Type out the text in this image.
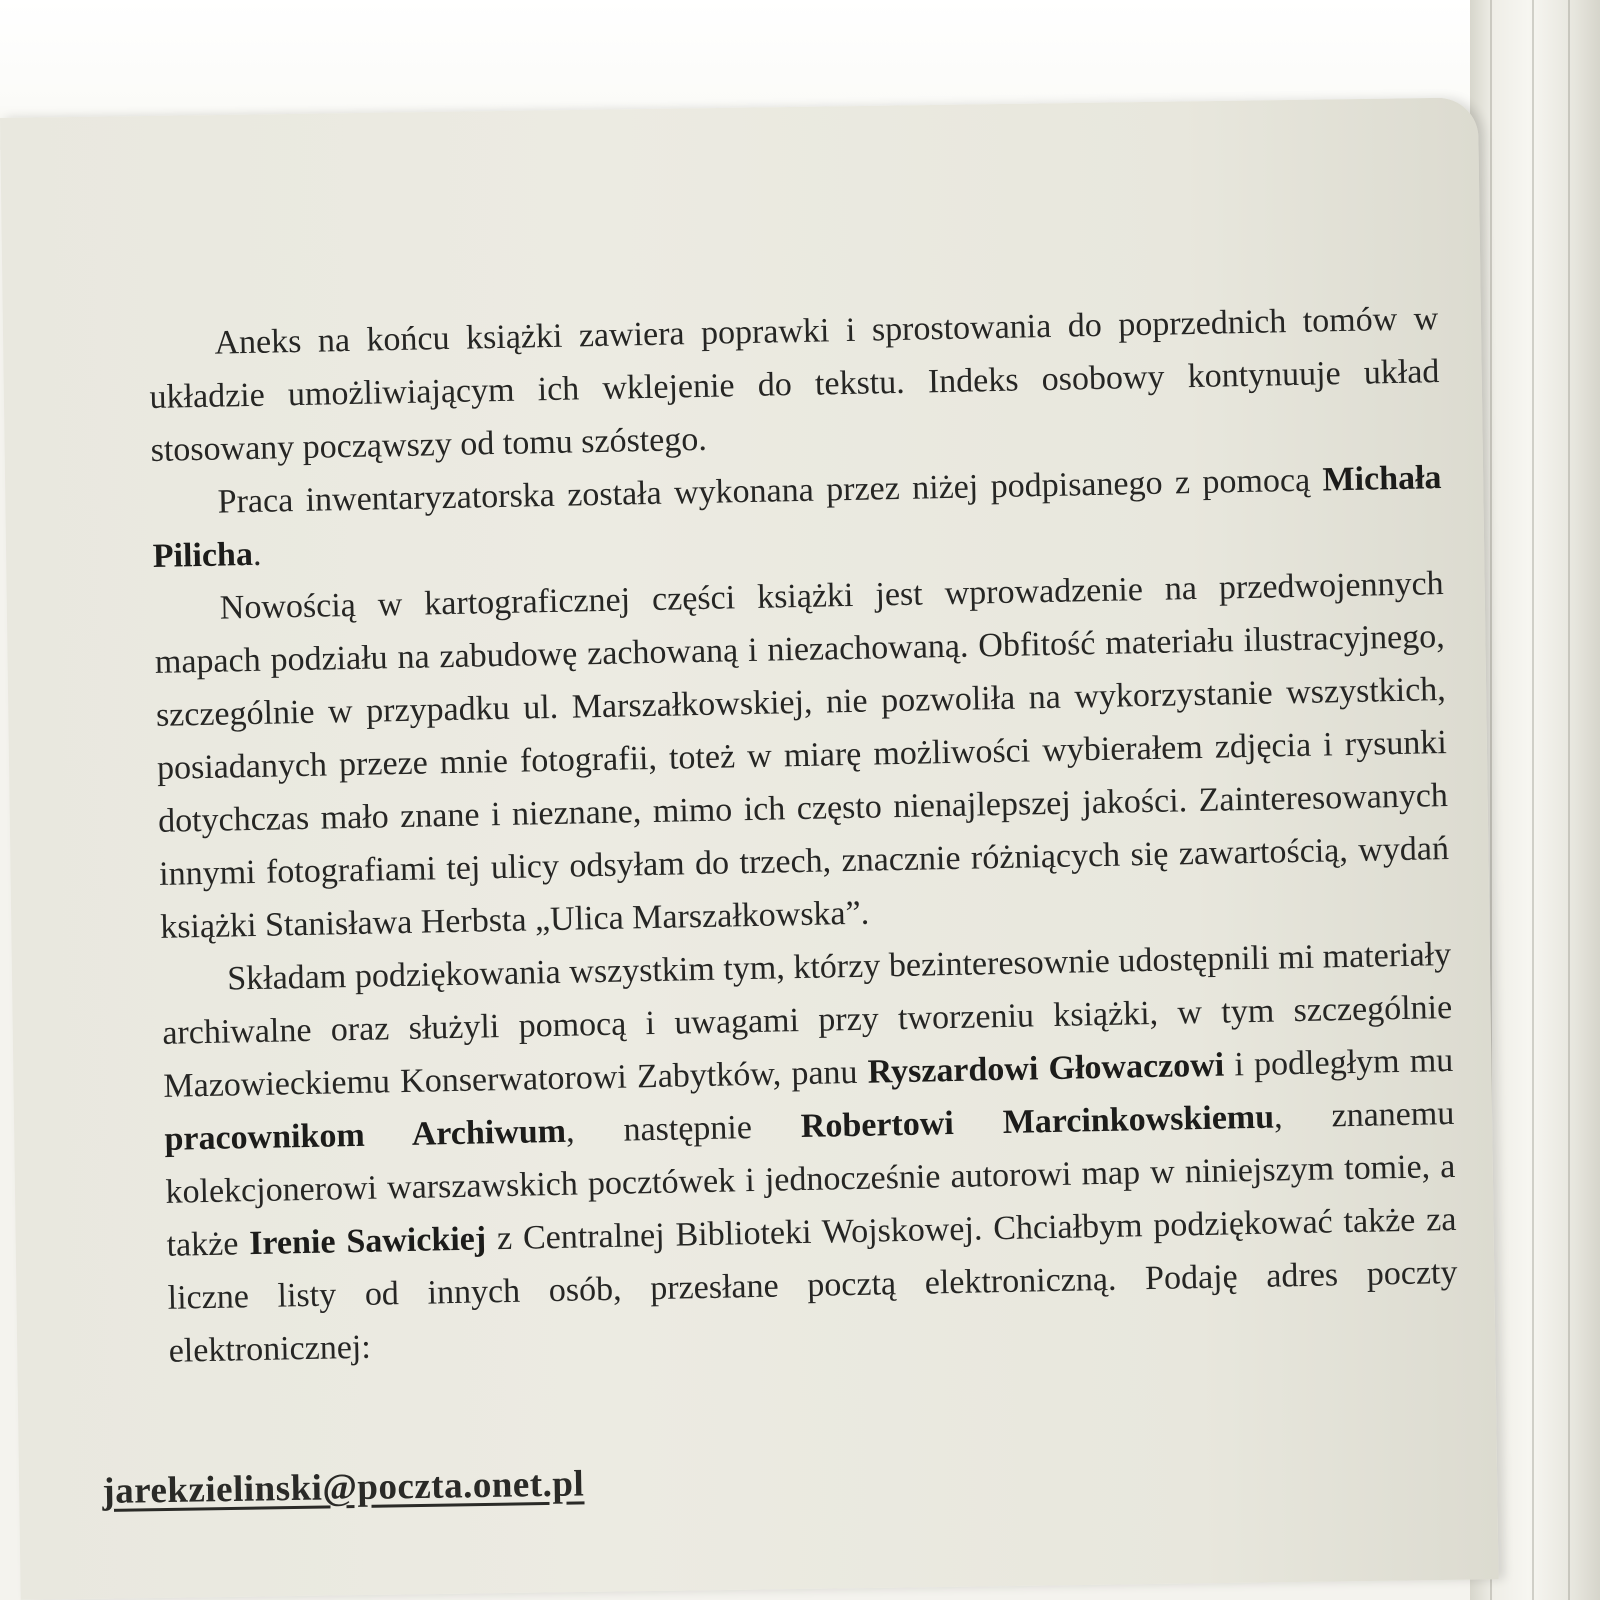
Aneks na końcu książki zawiera poprawki i sprostowania do poprzednich tomów w układzie umożliwiającym ich wklejenie do tekstu. Indeks osobowy kontynuuje układ stosowany począwszy od tomu szóstego.

Praca inwentaryzatorska została wykonana przez niżej podpisanego z pomocą Michała Pilicha.

Nowością w kartograficznej części książki jest wprowadzenie na przedwojennych mapach podziału na zabudowę zachowaną i niezachowaną. Obfitość materiału ilustracyjnego, szczególnie w przypadku ul. Marszałkowskiej, nie pozwoliła na wykorzystanie wszystkich, posiadanych przeze mnie fotografii, toteż w miarę możliwości wybierałem zdjęcia i rysunki dotychczas mało znane i nieznane, mimo ich często nienajlepszej jakości. Zainteresowanych innymi fotografiami tej ulicy odsyłam do trzech, znacznie różniących się zawartością, wydań książki Stanisława Herbsta „Ulica Marszałkowska”.

Składam podziękowania wszystkim tym, którzy bezinteresownie udostępnili mi materiały archiwalne oraz służyli pomocą i uwagami przy tworzeniu książki, w tym szczególnie Mazowieckiemu Konserwatorowi Zabytków, panu Ryszardowi Głowaczowi i podległym mu pracownikom Archiwum, następnie Robertowi Marcinkowskiemu, znanemu kolekcjonerowi warszawskich pocztówek i jednocześnie autorowi map w niniejszym tomie, a także Irenie Sawickiej z Centralnej Biblioteki Wojskowej. Chciałbym podziękować także za liczne listy od innych osób, przesłane pocztą elektroniczną. Podaję adres poczty elektronicznej:

jarekzielinski@poczta.onet.pl
